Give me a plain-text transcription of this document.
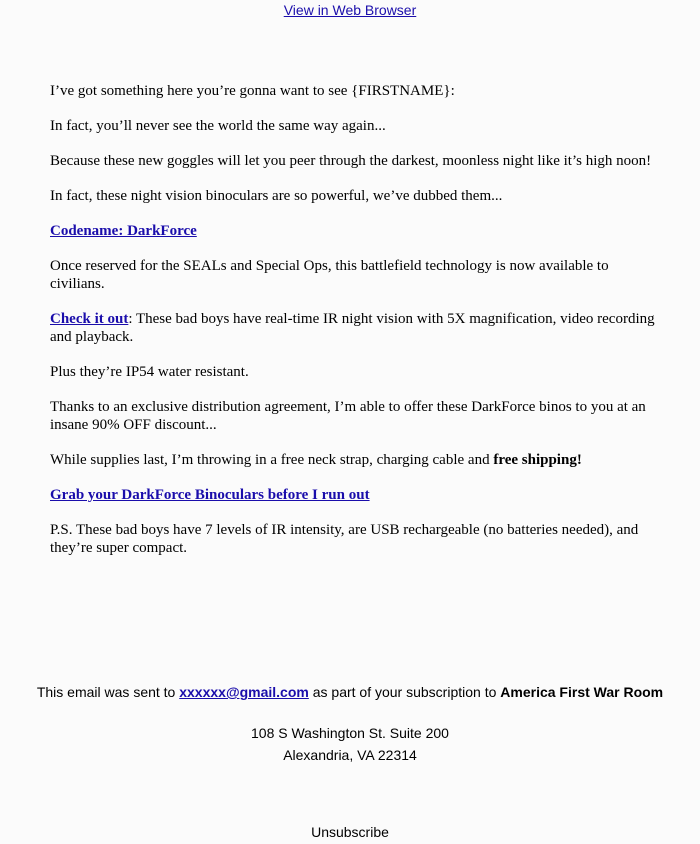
View in Web Browser

I’ve got something here you’re gonna want to see {FIRSTNAME}:

In fact, you’ll never see the world the same way again...

Because these new goggles will let you peer through the darkest, moonless night like it’s high noon!

In fact, these night vision binoculars are so powerful, we’ve dubbed them...

Codename: DarkForce

Once reserved for the SEALs and Special Ops, this battlefield technology is now available to civilians.

Check it out: These bad boys have real-time IR night vision with 5X magnification, video recording and playback.

Plus they’re IP54 water resistant.

Thanks to an exclusive distribution agreement, I’m able to offer these DarkForce binos to you at an insane 90% OFF discount...

While supplies last, I’m throwing in a free neck strap, charging cable and free shipping!

Grab your DarkForce Binoculars before I run out

P.S. These bad boys have 7 levels of IR intensity, are USB rechargeable (no batteries needed), and they’re super compact.

This email was sent to xxxxxx@gmail.com as part of your subscription to America First War Room
108 S Washington St. Suite 200
Alexandria, VA 22314
Unsubscribe
